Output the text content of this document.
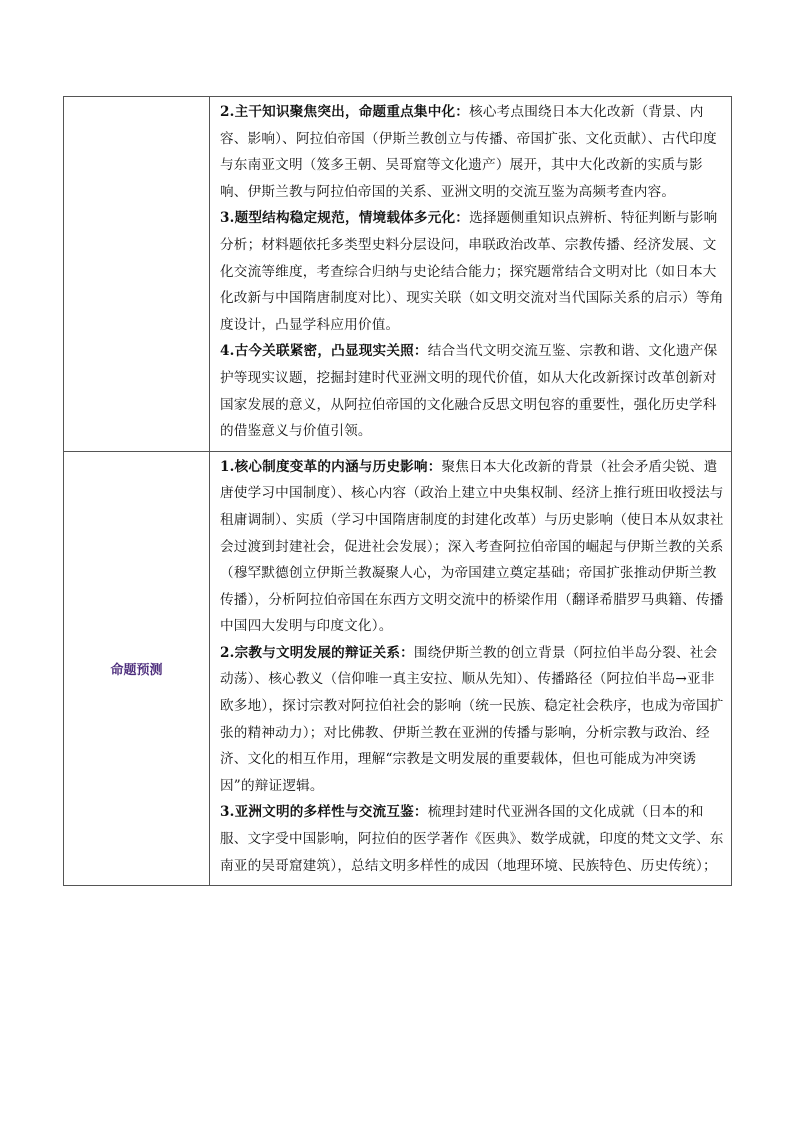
	2.主干知识聚焦突出，命题重点集中化：核心考点围绕日本大化改新（背景、内容、影响）、阿拉伯帝国（伊斯兰教创立与传播、帝国扩张、文化贡献）、古代印度与东南亚文明（笈多王朝、吴哥窟等文化遗产）展开，其中大化改新的实质与影响、伊斯兰教与阿拉伯帝国的关系、亚洲文明的交流互鉴为高频考查内容。

3.题型结构稳定规范，情境载体多元化：选择题侧重知识点辨析、特征判断与影响分析；材料题依托多类型史料分层设问，串联政治改革、宗教传播、经济发展、文化交流等维度，考查综合归纳与史论结合能力；探究题常结合文明对比（如日本大化改新与中国隋唐制度对比）、现实关联（如文明交流对当代国际关系的启示）等角度设计，凸显学科应用价值。

4.古今关联紧密，凸显现实关照：结合当代文明交流互鉴、宗教和谐、文化遗产保护等现实议题，挖掘封建时代亚洲文明的现代价值，如从大化改新探讨改革创新对国家发展的意义，从阿拉伯帝国的文化融合反思文明包容的重要性，强化历史学科的借鉴意义与价值引领。

命题预测	1.核心制度变革的内涵与历史影响：聚焦日本大化改新的背景（社会矛盾尖锐、遣唐使学习中国制度）、核心内容（政治上建立中央集权制、经济上推行班田收授法与租庸调制）、实质（学习中国隋唐制度的封建化改革）与历史影响（使日本从奴隶社会过渡到封建社会，促进社会发展）；深入考查阿拉伯帝国的崛起与伊斯兰教的关系（穆罕默德创立伊斯兰教凝聚人心，为帝国建立奠定基础；帝国扩张推动伊斯兰教传播），分析阿拉伯帝国在东西方文明交流中的桥梁作用（翻译希腊罗马典籍、传播中国四大发明与印度文化）。

2.宗教与文明发展的辩证关系：围绕伊斯兰教的创立背景（阿拉伯半岛分裂、社会动荡）、核心教义（信仰唯一真主安拉、顺从先知）、传播路径（阿拉伯半岛→亚非欧多地），探讨宗教对阿拉伯社会的影响（统一民族、稳定社会秩序，也成为帝国扩张的精神动力）；对比佛教、伊斯兰教在亚洲的传播与影响，分析宗教与政治、经济、文化的相互作用，理解“宗教是文明发展的重要载体，但也可能成为冲突诱因”的辩证逻辑。

3.亚洲文明的多样性与交流互鉴：梳理封建时代亚洲各国的文化成就（日本的和服、文字受中国影响，阿拉伯的医学著作《医典》、数学成就，印度的梵文文学、东南亚的吴哥窟建筑），总结文明多样性的成因（地理环境、民族特色、历史传统）；
